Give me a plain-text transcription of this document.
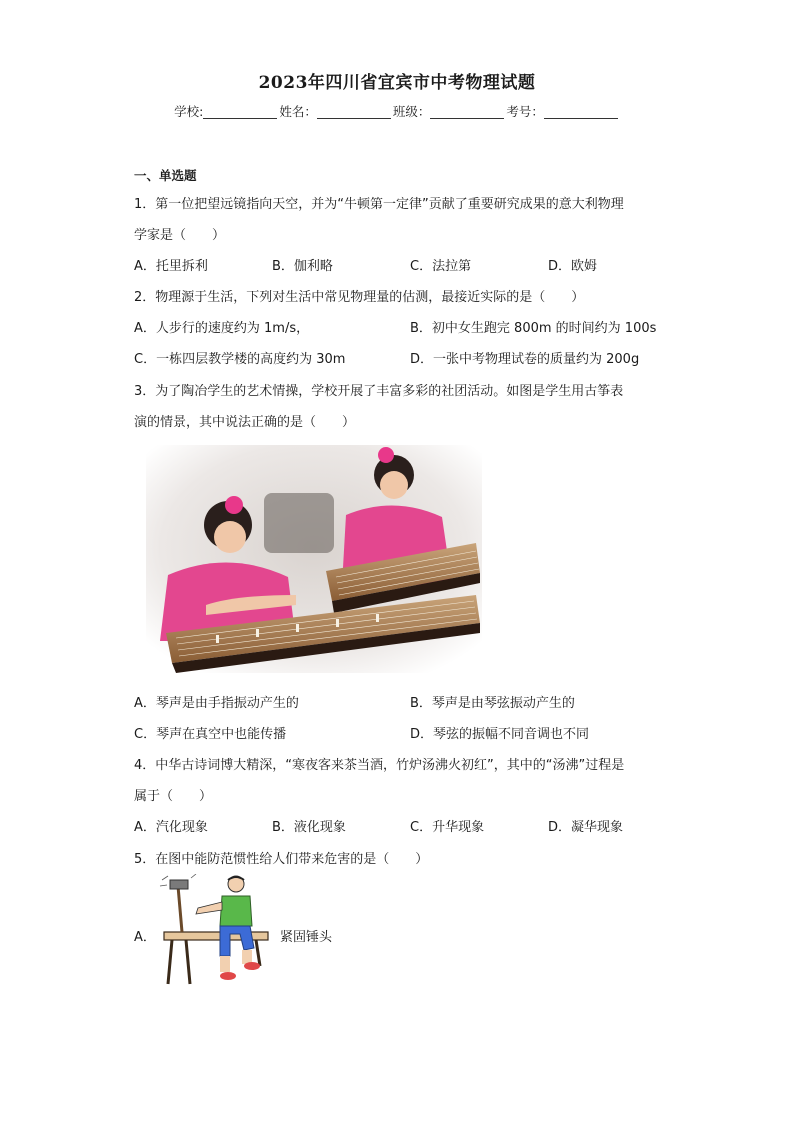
2023年四川省宜宾市中考物理试题
学校:	姓名：	班级：	考号：
一、单选题
1．第一位把望远镜指向天空，并为“牛顿第一定律”贡献了重要研究成果的意大利物理
学家是（　　）
A．托里拆利	B．伽利略	C．法拉第	D．欧姆
2．物理源于生活，下列对生活中常见物理量的估测，最接近实际的是（　　）
A．人步行的速度约为 1m/s，	B．初中女生跑完 800m 的时间约为 100s
C．一栋四层教学楼的高度约为 30m	D．一张中考物理试卷的质量约为 200g
3．为了陶冶学生的艺术情操，学校开展了丰富多彩的社团活动。如图是学生用古筝表
演的情景，其中说法正确的是（　　）
A．琴声是由手指振动产生的	B．琴声是由琴弦振动产生的
C．琴声在真空中也能传播	D．琴弦的振幅不同音调也不同
4．中华古诗词博大精深，“寒夜客来茶当酒，竹炉汤沸火初红”，其中的“汤沸”过程是
属于（　　）
A．汽化现象	B．液化现象	C．升华现象	D．凝华现象
5．在图中能防范惯性给人们带来危害的是（　　）
A．	紧固锤头
